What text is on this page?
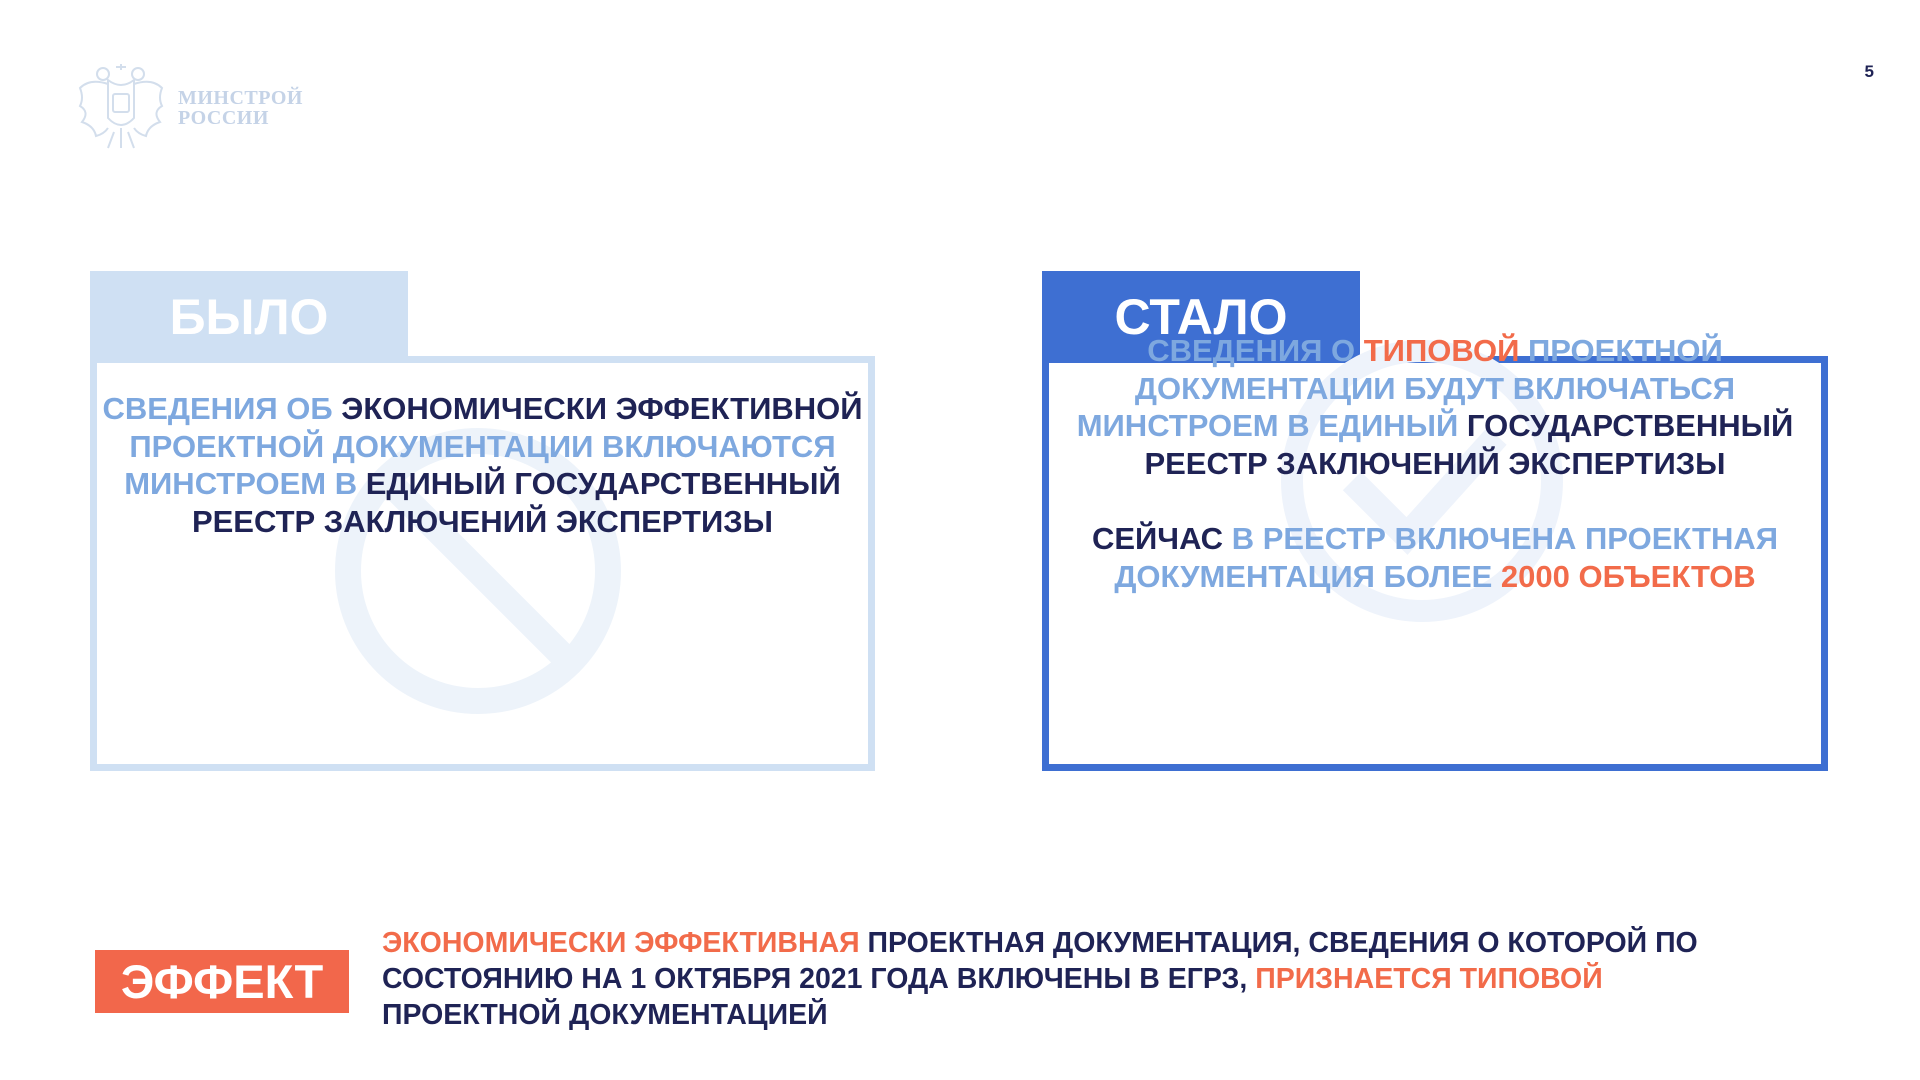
МИНСТРОЙ
РОССИИ
5
БЫЛО
СВЕДЕНИЯ ОБ ЭКОНОМИЧЕСКИ ЭФФЕКТИВНОЙ ПРОЕКТНОЙ ДОКУМЕНТАЦИИ ВКЛЮЧАЮТСЯ МИНСТРОЕМ В ЕДИНЫЙ ГОСУДАРСТВЕННЫЙ РЕЕСТР ЗАКЛЮЧЕНИЙ ЭКСПЕРТИЗЫ
СТАЛО
СВЕДЕНИЯ О ТИПОВОЙ ПРОЕКТНОЙ ДОКУМЕНТАЦИИ БУДУТ ВКЛЮЧАТЬСЯ МИНСТРОЕМ В ЕДИНЫЙ ГОСУДАРСТВЕННЫЙ РЕЕСТР ЗАКЛЮЧЕНИЙ ЭКСПЕРТИЗЫ
СЕЙЧАС В РЕЕСТР ВКЛЮЧЕНА ПРОЕКТНАЯ ДОКУМЕНТАЦИЯ БОЛЕЕ 2000 ОБЪЕКТОВ
ЭФФЕКТ
ЭКОНОМИЧЕСКИ ЭФФЕКТИВНАЯ ПРОЕКТНАЯ ДОКУМЕНТАЦИЯ, СВЕДЕНИЯ О КОТОРОЙ ПО СОСТОЯНИЮ НА 1 ОКТЯБРЯ 2021 ГОДА ВКЛЮЧЕНЫ В ЕГРЗ, ПРИЗНАЕТСЯ ТИПОВОЙ ПРОЕКТНОЙ ДОКУМЕНТАЦИЕЙ
